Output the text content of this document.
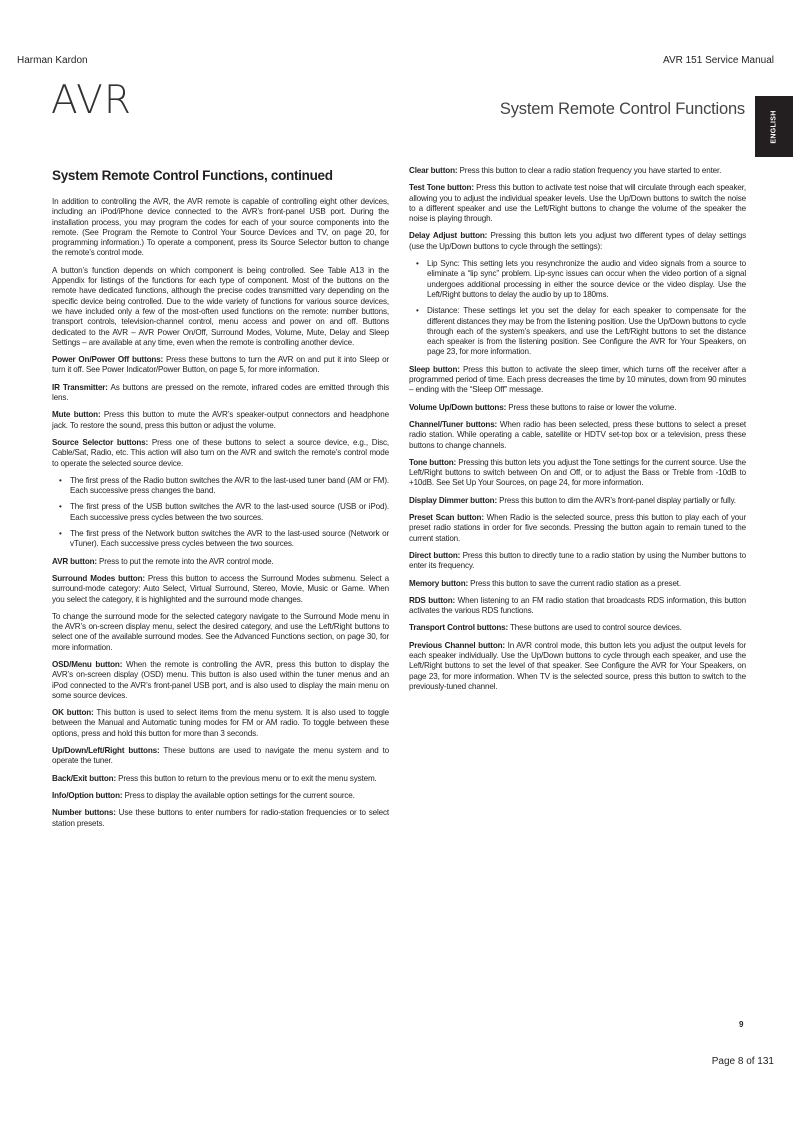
Harman Kardon	AVR 151 Service Manual
AVR	System Remote Control Functions
ENGLISH
System Remote Control Functions, continued

In addition to controlling the AVR, the AVR remote is capable of controlling eight other devices, including an iPod/iPhone device connected to the AVR’s front-panel USB port. During the installation process, you may program the codes for each of your source components into the remote. (See Program the Remote to Control Your Source Devices and TV, on page 20, for programming information.) To operate a component, press its Source Selector button to change the remote’s control mode.

A button’s function depends on which component is being controlled. See Table A13 in the Appendix for listings of the functions for each type of component. Most of the buttons on the remote have dedicated functions, although the precise codes transmitted vary depending on the specific device being controlled. Due to the wide variety of functions for various source devices, we have included only a few of the most-often used functions on the remote: number buttons, transport controls, television-channel control, menu access and power on and off. Buttons dedicated to the AVR – AVR Power On/Off, Surround Modes, Volume, Mute, Delay and Sleep Settings – are available at any time, even when the remote is controlling another device.

Power On/Power Off buttons: Press these buttons to turn the AVR on and put it into Sleep or turn it off. See Power Indicator/Power Button, on page 5, for more information.

IR Transmitter: As buttons are pressed on the remote, infrared codes are emitted through this lens.

Mute button: Press this button to mute the AVR’s speaker-output connectors and headphone jack. To restore the sound, press this button or adjust the volume.

Source Selector buttons: Press one of these buttons to select a source device, e.g., Disc, Cable/Sat, Radio, etc. This action will also turn on the AVR and switch the remote’s control mode to operate the selected source device.

• The first press of the Radio button switches the AVR to the last-used tuner band (AM or FM). Each successive press changes the band.
• The first press of the USB button switches the AVR to the last-used source (USB or iPod). Each successive press cycles between the two sources.
• The first press of the Network button switches the AVR to the last-used source (Network or vTuner). Each successive press cycles between the two sources.

AVR button: Press to put the remote into the AVR control mode.

Surround Modes button: Press this button to access the Surround Modes submenu. Select a surround-mode category: Auto Select, Virtual Surround, Stereo, Movie, Music or Game. When you select the category, it is highlighted and the surround mode changes.

To change the surround mode for the selected category navigate to the Surround Mode menu in the AVR’s on-screen display menu, select the desired category, and use the Left/Right buttons to select one of the available surround modes. See the Advanced Functions section, on page 30, for more information.

OSD/Menu button: When the remote is controlling the AVR, press this button to display the AVR’s on-screen display (OSD) menu. This button is also used within the tuner menus and an iPod connected to the AVR’s front-panel USB port, and is also used to display the main menu on some source devices.

OK button: This button is used to select items from the menu system. It is also used to toggle between the Manual and Automatic tuning modes for FM or AM radio. To toggle between these options, press and hold this button for more than 3 seconds.

Up/Down/Left/Right buttons: These buttons are used to navigate the menu system and to operate the tuner.

Back/Exit button: Press this button to return to the previous menu or to exit the menu system.

Info/Option button: Press to display the available option settings for the current source.

Number buttons: Use these buttons to enter numbers for radio-station frequencies or to select station presets.

Clear button: Press this button to clear a radio station frequency you have started to enter.

Test Tone button: Press this button to activate test noise that will circulate through each speaker, allowing you to adjust the individual speaker levels. Use the Up/Down buttons to switch the noise to a different speaker and use the Left/Right buttons to change the volume of the speaker the noise is playing through.

Delay Adjust button: Pressing this button lets you adjust two different types of delay settings (use the Up/Down buttons to cycle through the settings):

• Lip Sync: This setting lets you resynchronize the audio and video signals from a source to eliminate a “lip sync” problem. Lip-sync issues can occur when the video portion of a signal undergoes additional processing in either the source device or the video display. Use the Left/Right buttons to delay the audio by up to 180ms.
• Distance: These settings let you set the delay for each speaker to compensate for the different distances they may be from the listening position. Use the Up/Down buttons to cycle through each of the system’s speakers, and use the Left/Right buttons to set the distance each speaker is from the listening position. See Configure the AVR for Your Speakers, on page 23, for more information.

Sleep button: Press this button to activate the sleep timer, which turns off the receiver after a programmed period of time. Each press decreases the time by 10 minutes, down from 90 minutes – ending with the “Sleep Off” message.

Volume Up/Down buttons: Press these buttons to raise or lower the volume.

Channel/Tuner buttons: When radio has been selected, press these buttons to select a preset radio station. While operating a cable, satellite or HDTV set-top box or a television, press these buttons to change channels.

Tone button: Pressing this button lets you adjust the Tone settings for the current source. Use the Left/Right buttons to switch between On and Off, or to adjust the Bass or Treble from -10dB to +10dB. See Set Up Your Sources, on page 24, for more information.

Display Dimmer button: Press this button to dim the AVR’s front-panel display partially or fully.

Preset Scan button: When Radio is the selected source, press this button to play each of your preset radio stations in order for five seconds. Pressing the button again to remain tuned to the current station.

Direct button: Press this button to directly tune to a radio station by using the Number buttons to enter its frequency.

Memory button: Press this button to save the current radio station as a preset.

RDS button: When listening to an FM radio station that broadcasts RDS information, this button activates the various RDS functions.

Transport Control buttons: These buttons are used to control source devices.

Previous Channel button: In AVR control mode, this button lets you adjust the output levels for each speaker individually. Use the Up/Down buttons to cycle through each speaker, and use the Left/Right buttons to set the level of that speaker. See Configure the AVR for Your Speakers, on page 23, for more information. When TV is the selected source, press this button to switch to the previously-tuned channel.

9
Page 8 of 131
